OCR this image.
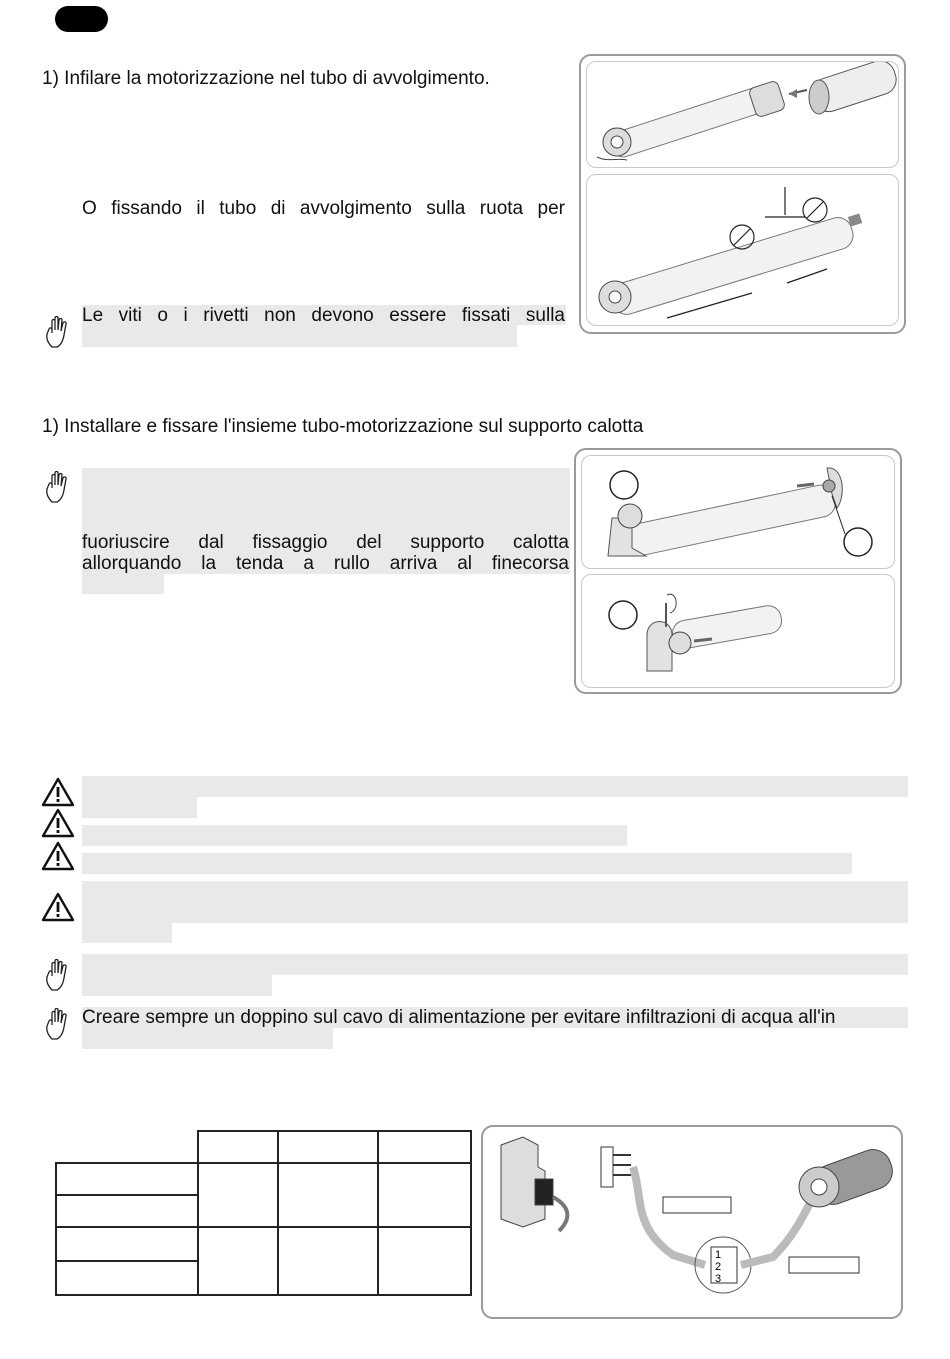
1) Infilare la motorizzazione nel tubo di avvolgimento.
O fissando il tubo di avvolgimento sulla ruota per
Le viti o i rivetti non devono essere fissati sulla
1) Installare e fissare l'insieme tubo-motorizzazione sul supporto calotta
fuoriuscire dal fissaggio del supporto calotta
allorquando la tenda a rullo arriva al finecorsa
Creare sempre un doppino sul cavo di alimentazione per evitare infiltrazioni di acqua all'in

1
2
3
